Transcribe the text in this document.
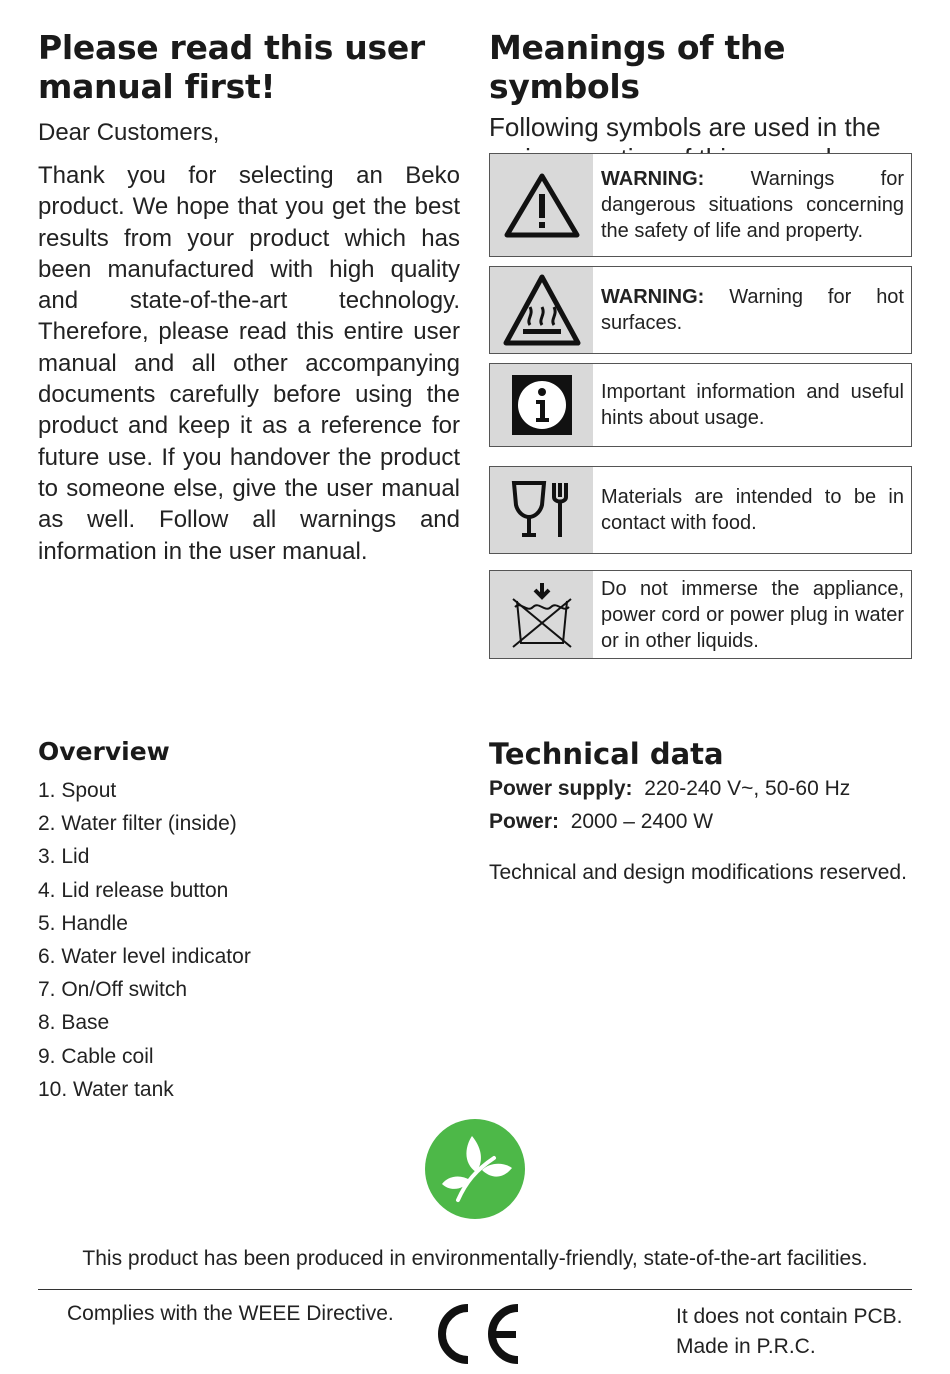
Please read this user manual first!

Dear Customers,

Thank you for selecting an Beko product. We hope that you get the best results from your product which has been manufactured with high quality and state-of-the-art technology. Therefore, please read this entire user manual and all other accompanying documents carefully before using the product and keep it as a reference for future use. If you handover the product to someone else, give the user manual as well. Follow all warnings and information in the user manual.

Meanings of the symbols

Following symbols are used in the

WARNING: Warnings for dangerous situations concerning the safety of life and property.
WARNING: Warning for hot surfaces.
Important information and useful hints about usage.
Materials are intended to be in contact with food.
Do not immerse the appliance, power cord or power plug in water or in other liquids.
Overview
1. Spout
2. Water filter (inside)
3. Lid
4. Lid release button
5. Handle
6. Water level indicator
7. On/Off switch
8. Base
9. Cable coil
10. Water tank
Technical data
Power supply: 220-240 V~, 50-60 Hz
Power: 2000 – 2400 W
Technical and design modifications reserved.
This product has been produced in environmentally-friendly, state-of-the-art facilities.
Complies with the WEEE Directive.	It does not contain PCB.
Made in P.R.C.
